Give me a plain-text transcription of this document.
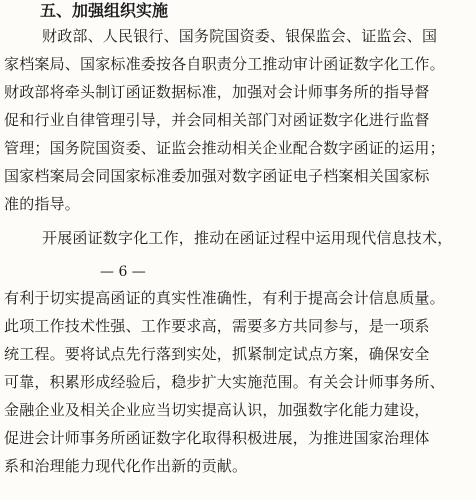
五、加强组织实施
财政部、人民银行、国务院国资委、银保监会、证监会、国
家档案局、国家标准委按各自职责分工推动审计函证数字化工作。
财政部将牵头制订函证数据标准，加强对会计师事务所的指导督
促和行业自律管理引导，并会同相关部门对函证数字化进行监督
管理；国务院国资委、证监会推动相关企业配合数字函证的运用；
国家档案局会同国家标准委加强对数字函证电子档案相关国家标
准的指导。
开展函证数字化工作，推动在函证过程中运用现代信息技术，
— 6 —
有利于切实提高函证的真实性准确性，有利于提高会计信息质量。
此项工作技术性强、工作要求高，需要多方共同参与，是一项系
统工程。要将试点先行落到实处，抓紧制定试点方案，确保安全
可靠，积累形成经验后，稳步扩大实施范围。有关会计师事务所、
金融企业及相关企业应当切实提高认识，加强数字化能力建设，
促进会计师事务所函证数字化取得积极进展，为推进国家治理体
系和治理能力现代化作出新的贡献。
